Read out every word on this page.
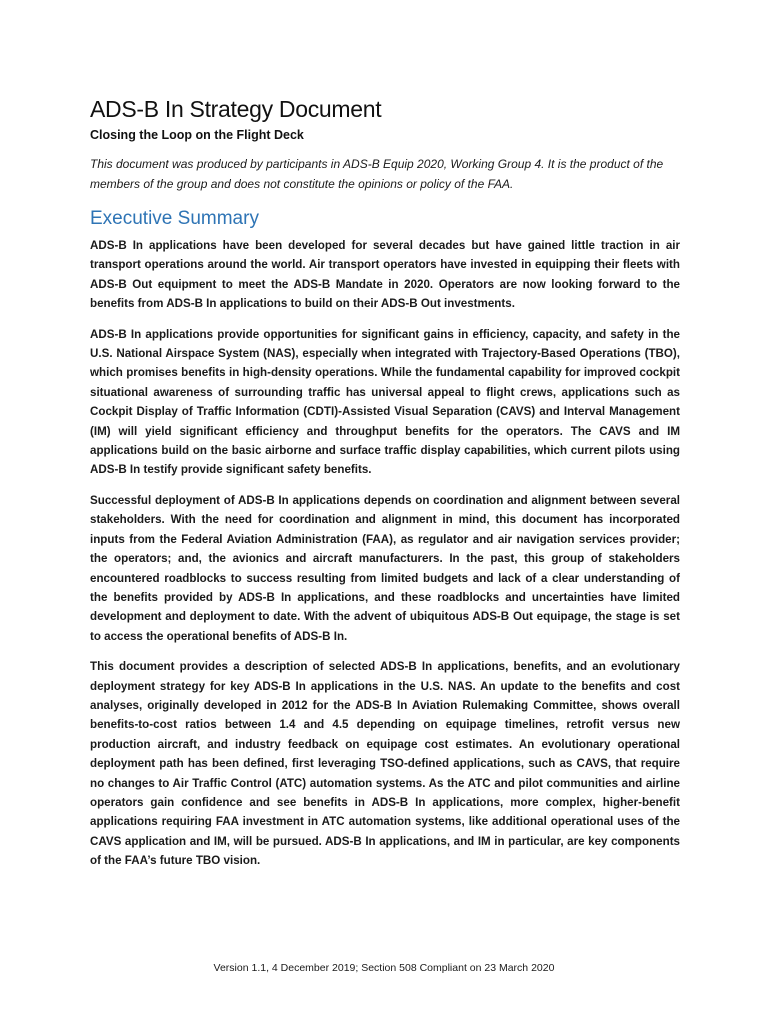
ADS-B In Strategy Document
Closing the Loop on the Flight Deck

This document was produced by participants in ADS-B Equip 2020, Working Group 4. It is the product of the members of the group and does not constitute the opinions or policy of the FAA.

Executive Summary

ADS-B In applications have been developed for several decades but have gained little traction in air transport operations around the world. Air transport operators have invested in equipping their fleets with ADS-B Out equipment to meet the ADS-B Mandate in 2020. Operators are now looking forward to the benefits from ADS-B In applications to build on their ADS-B Out investments.

ADS-B In applications provide opportunities for significant gains in efficiency, capacity, and safety in the U.S. National Airspace System (NAS), especially when integrated with Trajectory-Based Operations (TBO), which promises benefits in high-density operations. While the fundamental capability for improved cockpit situational awareness of surrounding traffic has universal appeal to flight crews, applications such as Cockpit Display of Traffic Information (CDTI)-Assisted Visual Separation (CAVS) and Interval Management (IM) will yield significant efficiency and throughput benefits for the operators. The CAVS and IM applications build on the basic airborne and surface traffic display capabilities, which current pilots using ADS-B In testify provide significant safety benefits.

Successful deployment of ADS-B In applications depends on coordination and alignment between several stakeholders. With the need for coordination and alignment in mind, this document has incorporated inputs from the Federal Aviation Administration (FAA), as regulator and air navigation services provider; the operators; and, the avionics and aircraft manufacturers. In the past, this group of stakeholders encountered roadblocks to success resulting from limited budgets and lack of a clear understanding of the benefits provided by ADS-B In applications, and these roadblocks and uncertainties have limited development and deployment to date. With the advent of ubiquitous ADS-B Out equipage, the stage is set to access the operational benefits of ADS-B In.

This document provides a description of selected ADS-B In applications, benefits, and an evolutionary deployment strategy for key ADS-B In applications in the U.S. NAS. An update to the benefits and cost analyses, originally developed in 2012 for the ADS-B In Aviation Rulemaking Committee, shows overall benefits-to-cost ratios between 1.4 and 4.5 depending on equipage timelines, retrofit versus new production aircraft, and industry feedback on equipage cost estimates. An evolutionary operational deployment path has been defined, first leveraging TSO-defined applications, such as CAVS, that require no changes to Air Traffic Control (ATC) automation systems. As the ATC and pilot communities and airline operators gain confidence and see benefits in ADS-B In applications, more complex, higher-benefit applications requiring FAA investment in ATC automation systems, like additional operational uses of the CAVS application and IM, will be pursued. ADS-B In applications, and IM in particular, are key components of the FAA’s future TBO vision.

Version 1.1, 4 December 2019; Section 508 Compliant on 23 March 2020
